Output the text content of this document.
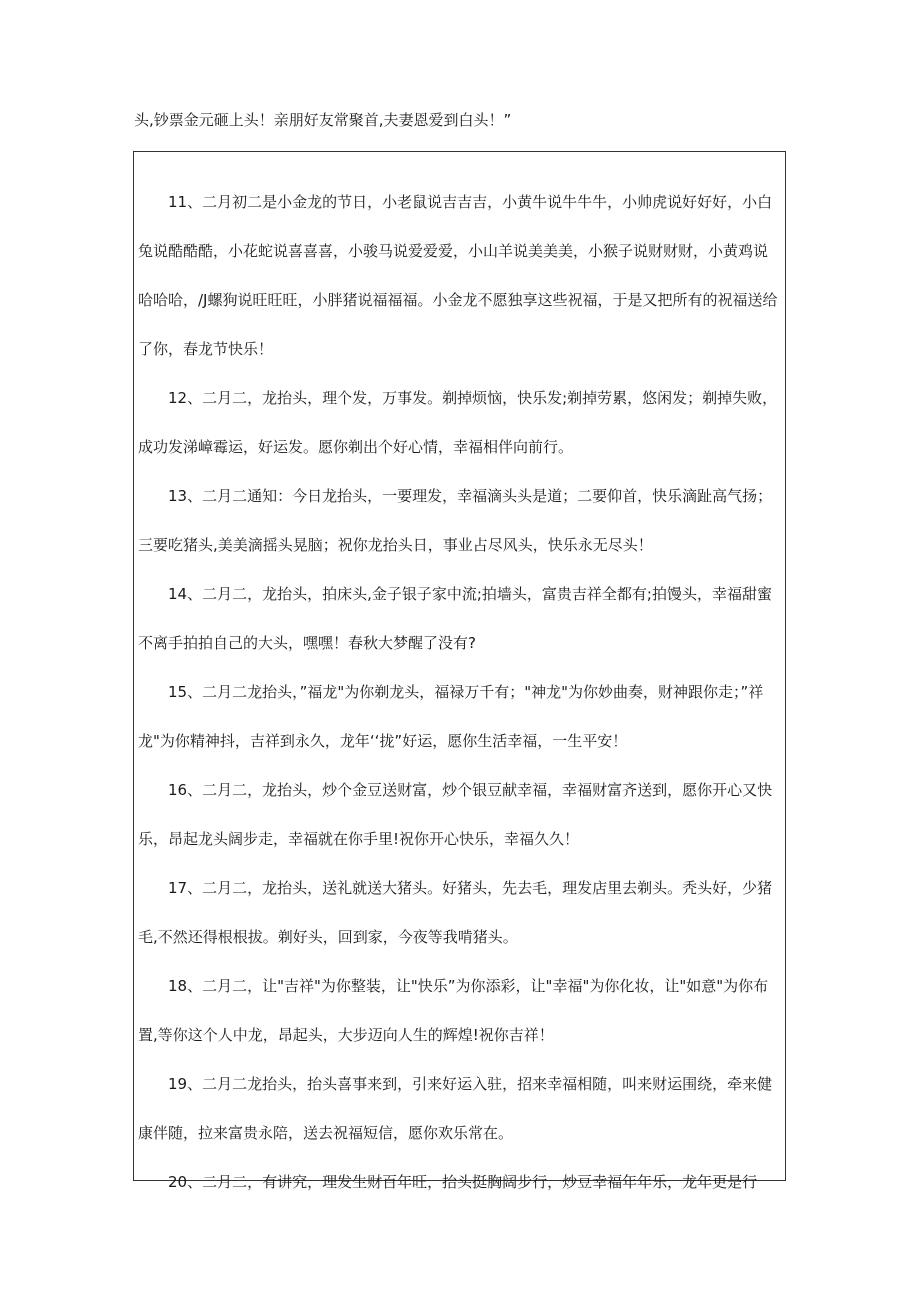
头,钞票金元砸上头！亲朋好友常聚首,夫妻恩爱到白头！”

11、二月初二是小金龙的节日，小老鼠说吉吉吉，小黄牛说牛牛牛，小帅虎说好好好，小白兔说酷酷酷，小花蛇说喜喜喜，小骏马说爱爱爱，小山羊说美美美，小猴子说财财财，小黄鸡说哈哈哈，/J螺狗说旺旺旺，小胖猪说福福福。小金龙不愿独享这些祝福，于是又把所有的祝福送给了你，春龙节快乐！

12、二月二，龙抬头，理个发，万事发。剃掉烦恼，快乐发;剃掉劳累，悠闲发；剃掉失败，成功发涕嶂霉运，好运发。愿你剃出个好心情，幸福相伴向前行。

13、二月二通知：今日龙抬头，一要理发，幸福滴头头是道；二要仰首，快乐滴趾高气扬；三要吃猪头,美美滴摇头晃脑；祝你龙抬头日，事业占尽风头，快乐永无尽头！

14、二月二，龙抬头，拍床头,金子银子家中流;拍墙头，富贵吉祥全都有;拍馒头，幸福甜蜜不离手拍拍自己的大头，嘿嘿！春秋大梦醒了没有?

15、二月二龙抬头，”福龙"为你剃龙头，福禄万千有；"神龙"为你妙曲奏，财神跟你走；”祥龙"为你精神抖，吉祥到永久，龙年‘‘拢”好运，愿你生活幸福，一生平安！

16、二月二，龙抬头，炒个金豆送财富，炒个银豆献幸福，幸福财富齐送到，愿你开心又快乐，昂起龙头阔步走，幸福就在你手里!祝你开心快乐，幸福久久！

17、二月二，龙抬头，送礼就送大猪头。好猪头，先去毛，理发店里去剃头。秃头好，少猪毛,不然还得根根拔。剃好头，回到家，今夜等我啃猪头。

18、二月二，让"吉祥"为你整装，让"快乐”为你添彩，让"幸福"为你化妆，让"如意"为你布置,等你这个人中龙，昂起头，大步迈向人生的辉煌!祝你吉祥！

19、二月二龙抬头，抬头喜事来到，引来好运入驻，招来幸福相随，叫来财运围绕，牵来健康伴随，拉来富贵永陪，送去祝福短信，愿你欢乐常在。

20、二月二，有讲究，理发生财百年旺，抬头挺胸阔步行，炒豆幸福年年乐，龙年更是行
